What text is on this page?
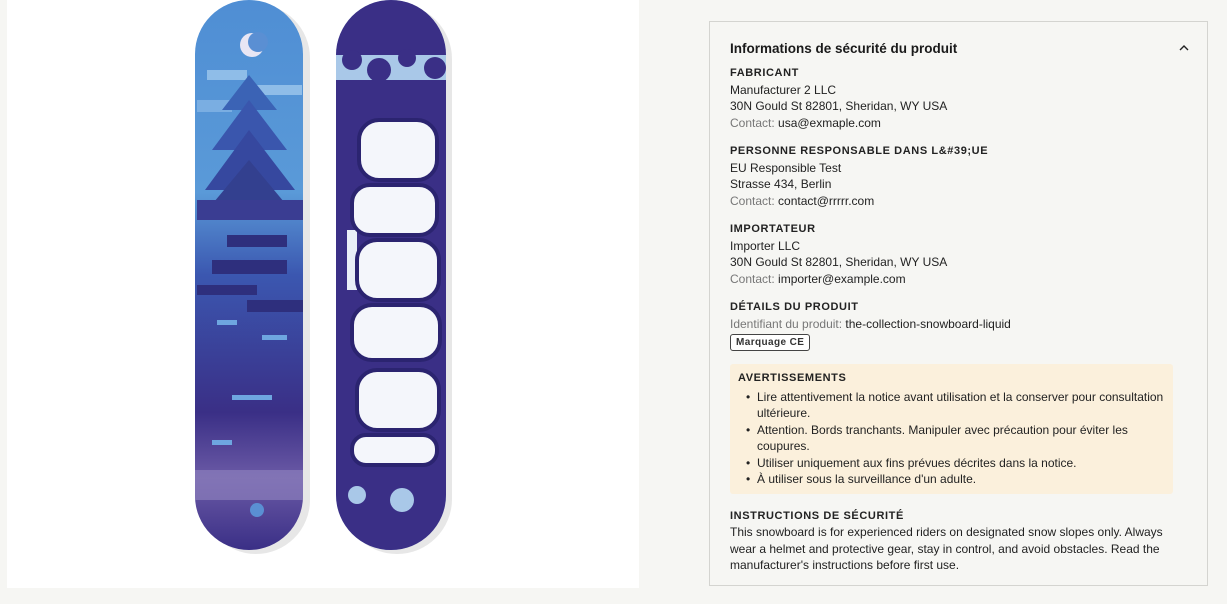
Informations de sécurité du produit
FABRICANT
Manufacturer 2 LLC
30N Gould St 82801, Sheridan, WY USA
Contact: usa@exmaple.com
PERSONNE RESPONSABLE DANS L&#39;UE
EU Responsible Test
Strasse 434, Berlin
Contact: contact@rrrrr.com
IMPORTATEUR
Importer LLC
30N Gould St 82801, Sheridan, WY USA
Contact: importer@example.com
DÉTAILS DU PRODUIT
Identifiant du produit: the-collection-snowboard-liquid
Marquage CE
AVERTISSEMENTS
• Lire attentivement la notice avant utilisation et la conserver pour consultation ultérieure.
• Attention. Bords tranchants. Manipuler avec précaution pour éviter les coupures.
• Utiliser uniquement aux fins prévues décrites dans la notice.
• À utiliser sous la surveillance d'un adulte.
INSTRUCTIONS DE SÉCURITÉ
This snowboard is for experienced riders on designated snow slopes only. Always wear a helmet and protective gear, stay in control, and avoid obstacles. Read the manufacturer's instructions before first use.
